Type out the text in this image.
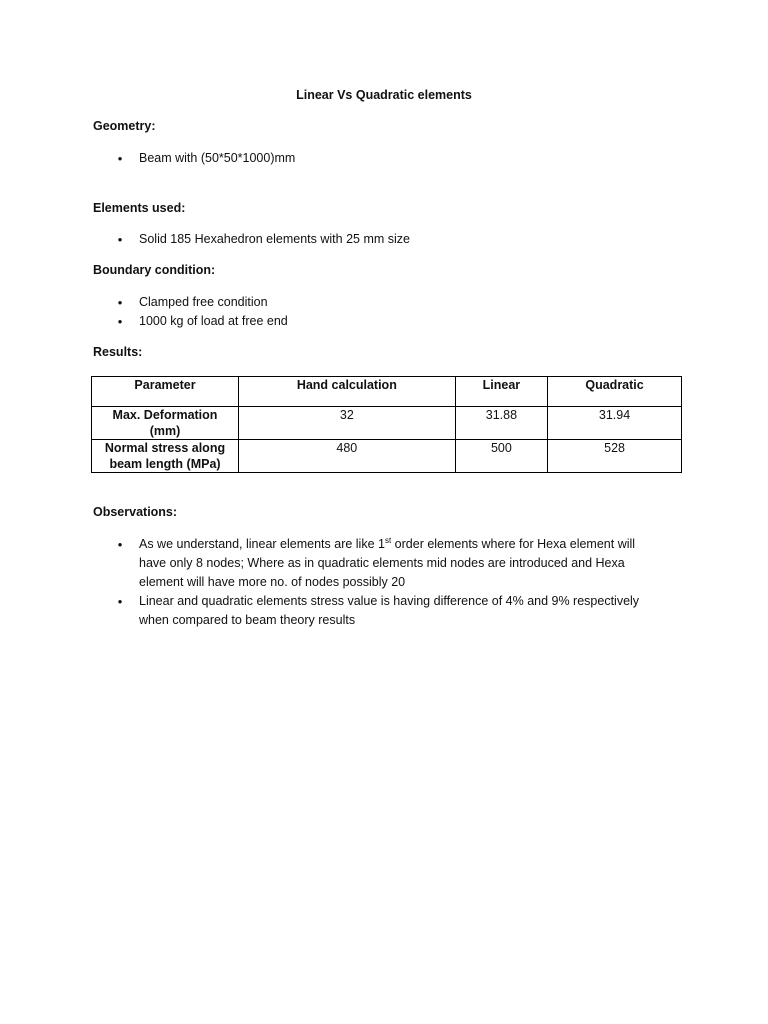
Linear Vs Quadratic elements
Geometry:
• Beam with (50*50*1000)mm
Elements used:
• Solid 185 Hexahedron elements with 25 mm size
Boundary condition:
• Clamped free condition
• 1000 kg of load at free end
Results:
Parameter	Hand calculation	Linear	Quadratic
Max. Deformation
(mm)	32	31.88	31.94
Normal stress along
beam length (MPa)	480	500	528
Observations:
• As we understand, linear elements are like 1st order elements where for Hexa element will
have only 8 nodes; Where as in quadratic elements mid nodes are introduced and Hexa
element will have more no. of nodes possibly 20
• Linear and quadratic elements stress value is having difference of 4% and 9% respectively
when compared to beam theory results
